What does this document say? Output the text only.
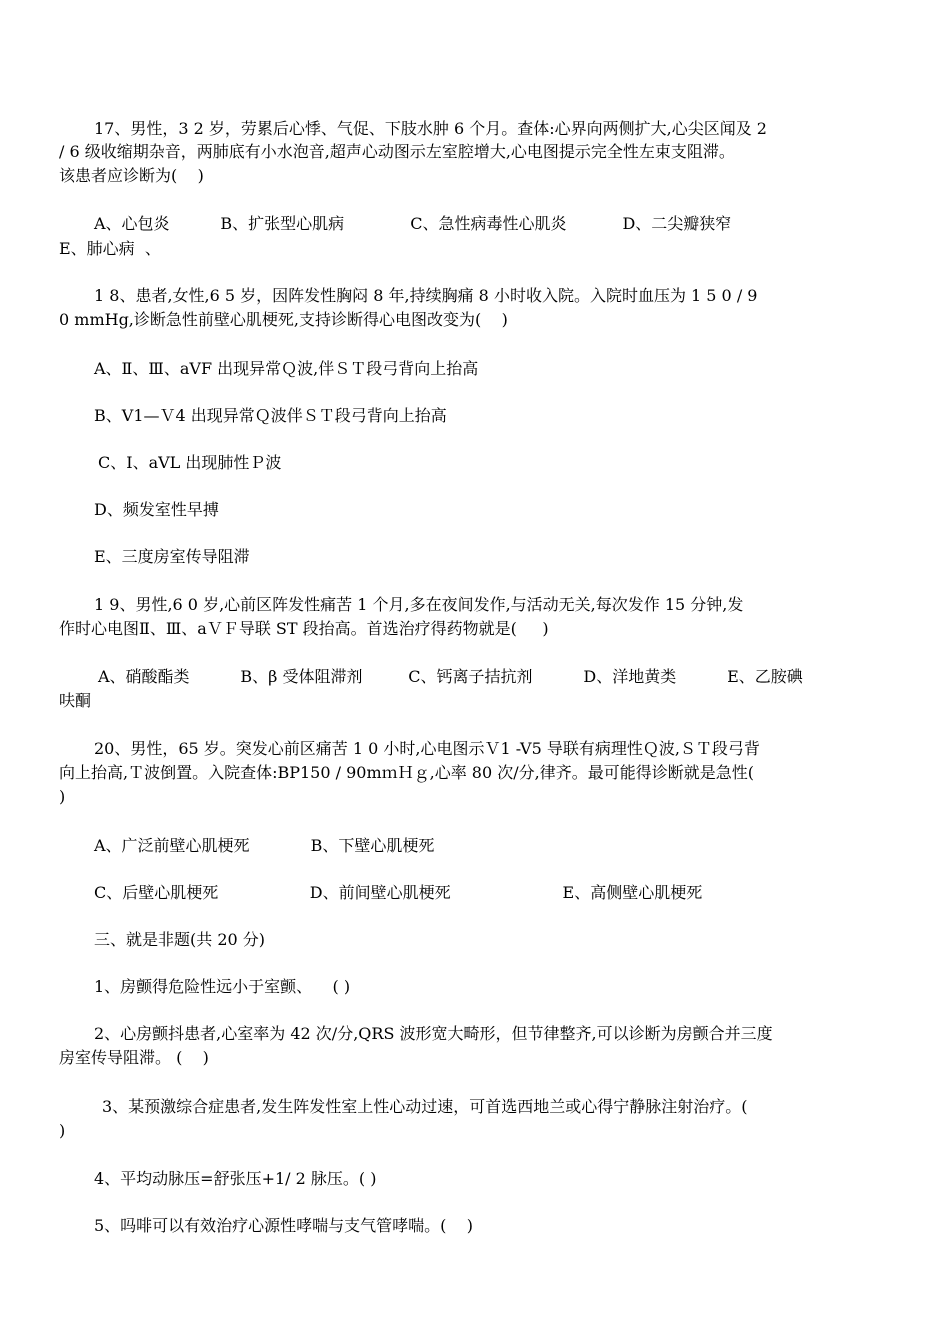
17、男性，3 2 岁，劳累后心悸、气促、下肢水肿 6 个月。查体:心界向两侧扩大,心尖区闻及 2

/ 6 级收缩期杂音，两肺底有小水泡音,超声心动图示左室腔增大,心电图提示完全性左束支阻滞。

该患者应诊断为(    )

A、心包炎          B、扩张型心肌病             C、急性病毒性心肌炎           D、二尖瓣狭窄

E、肺心病  、

1 8、患者,女性,6 5 岁，因阵发性胸闷 8 年,持续胸痛 8 小时收入院。入院时血压为 1 5 0 / 9

0 mmHg,诊断急性前壁心肌梗死,支持诊断得心电图改变为(    )

A、Ⅱ、Ⅲ、aVF 出现异常Ｑ波,伴ＳＴ段弓背向上抬高

B、V1—Ｖ4 出现异常Ｑ波伴ＳＴ段弓背向上抬高

C、Ⅰ、aVL 出现肺性Ｐ波

D、频发室性早搏

E、三度房室传导阻滞

1 9、男性,6 0 岁,心前区阵发性痛苦 1 个月,多在夜间发作,与活动无关,每次发作 15 分钟,发

作时心电图Ⅱ、Ⅲ、aＶＦ导联 ST 段抬高。首选治疗得药物就是(     )

A、硝酸酯类          B、β 受体阻滞剂         C、钙离子拮抗剂          D、洋地黄类          E、乙胺碘

呋酮

20、男性，65 岁。突发心前区痛苦 1 0 小时,心电图示Ｖ1 -V5 导联有病理性Ｑ波,ＳＴ段弓背

向上抬高,Ｔ波倒置。入院查体:BP150 / 90mｍＨｇ,心率 80 次/分,律齐。最可能得诊断就是急性(

)

A、广泛前壁心肌梗死            B、下壁心肌梗死

C、后壁心肌梗死                  D、前间壁心肌梗死                      E、高侧壁心肌梗死

三、就是非题(共 20 分)

1、房颤得危险性远小于室颤、    ( )

2、心房颤抖患者,心室率为 42 次/分,QRS 波形宽大畸形，但节律整齐,可以诊断为房颤合并三度

房室传导阻滞。 (    )

3、某预激综合症患者,发生阵发性室上性心动过速，可首选西地兰或心得宁静脉注射治疗。(

)

4、平均动脉压=舒张压+1/ 2 脉压。( )

5、吗啡可以有效治疗心源性哮喘与支气管哮喘。(    )
